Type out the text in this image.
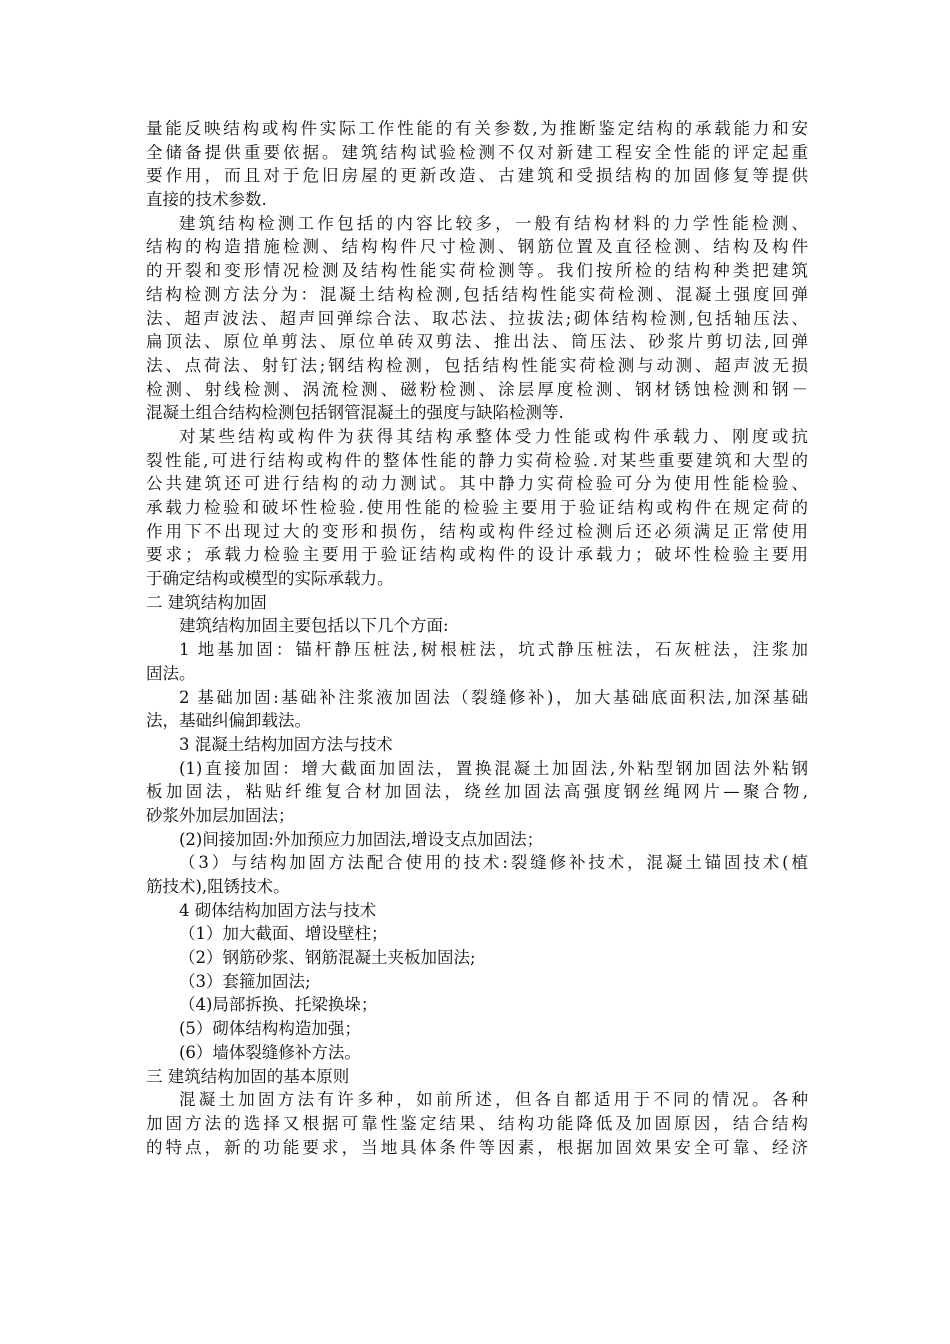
量能反映结构或构件实际工作性能的有关参数,为推断鉴定结构的承载能力和安
全储备提供重要依据。建筑结构试验检测不仅对新建工程安全性能的评定起重
要作用，而且对于危旧房屋的更新改造、古建筑和受损结构的加固修复等提供
直接的技术参数.
建筑结构检测工作包括的内容比较多，一般有结构材料的力学性能检测、
结构的构造措施检测、结构构件尺寸检测、钢筋位置及直径检测、结构及构件
的开裂和变形情况检测及结构性能实荷检测等。我们按所检的结构种类把建筑
结构检测方法分为：混凝土结构检测,包括结构性能实荷检测、混凝土强度回弹
法、超声波法、超声回弹综合法、取芯法、拉拔法;砌体结构检测,包括轴压法、
扁顶法、原位单剪法、原位单砖双剪法、推出法、筒压法、砂浆片剪切法,回弹
法、点荷法、射钉法;钢结构检测，包括结构性能实荷检测与动测、超声波无损
检测、射线检测、涡流检测、磁粉检测、涂层厚度检测、钢材锈蚀检测和钢－
混凝土组合结构检测包括钢管混凝土的强度与缺陷检测等.
对某些结构或构件为获得其结构承整体受力性能或构件承载力、刚度或抗
裂性能,可进行结构或构件的整体性能的静力实荷检验.对某些重要建筑和大型的
公共建筑还可进行结构的动力测试。其中静力实荷检验可分为使用性能检验、
承载力检验和破坏性检验.使用性能的检验主要用于验证结构或构件在规定荷的
作用下不出现过大的变形和损伤，结构或构件经过检测后还必须满足正常使用
要求；承载力检验主要用于验证结构或构件的设计承载力；破坏性检验主要用
于确定结构或模型的实际承载力。
二 建筑结构加固
建筑结构加固主要包括以下几个方面:
1 地基加固：锚杆静压桩法,树根桩法，坑式静压桩法，石灰桩法，注浆加
固法。
2 基础加固:基础补注浆液加固法（裂缝修补)，加大基础底面积法,加深基础
法，基础纠偏卸载法。
3 混凝土结构加固方法与技术
(1)直接加固：增大截面加固法，置换混凝土加固法,外粘型钢加固法外粘钢
板加固法，粘贴纤维复合材加固法，绕丝加固法高强度钢丝绳网片—聚合物,
砂浆外加层加固法；
(2)间接加固:外加预应力加固法,增设支点加固法；
（3）与结构加固方法配合使用的技术:裂缝修补技术，混凝土锚固技术(植
筋技术),阻锈技术。
4 砌体结构加固方法与技术
（1）加大截面、增设壁柱；
（2）钢筋砂浆、钢筋混凝土夹板加固法;
（3）套箍加固法;
（4)局部拆换、托梁换垛；
(5）砌体结构构造加强；
(6）墙体裂缝修补方法。
三 建筑结构加固的基本原则
混凝土加固方法有许多种，如前所述，但各自都适用于不同的情况。各种
加固方法的选择又根据可靠性鉴定结果、结构功能降低及加固原因，结合结构
的特点，新的功能要求，当地具体条件等因素，根据加固效果安全可靠、经济
